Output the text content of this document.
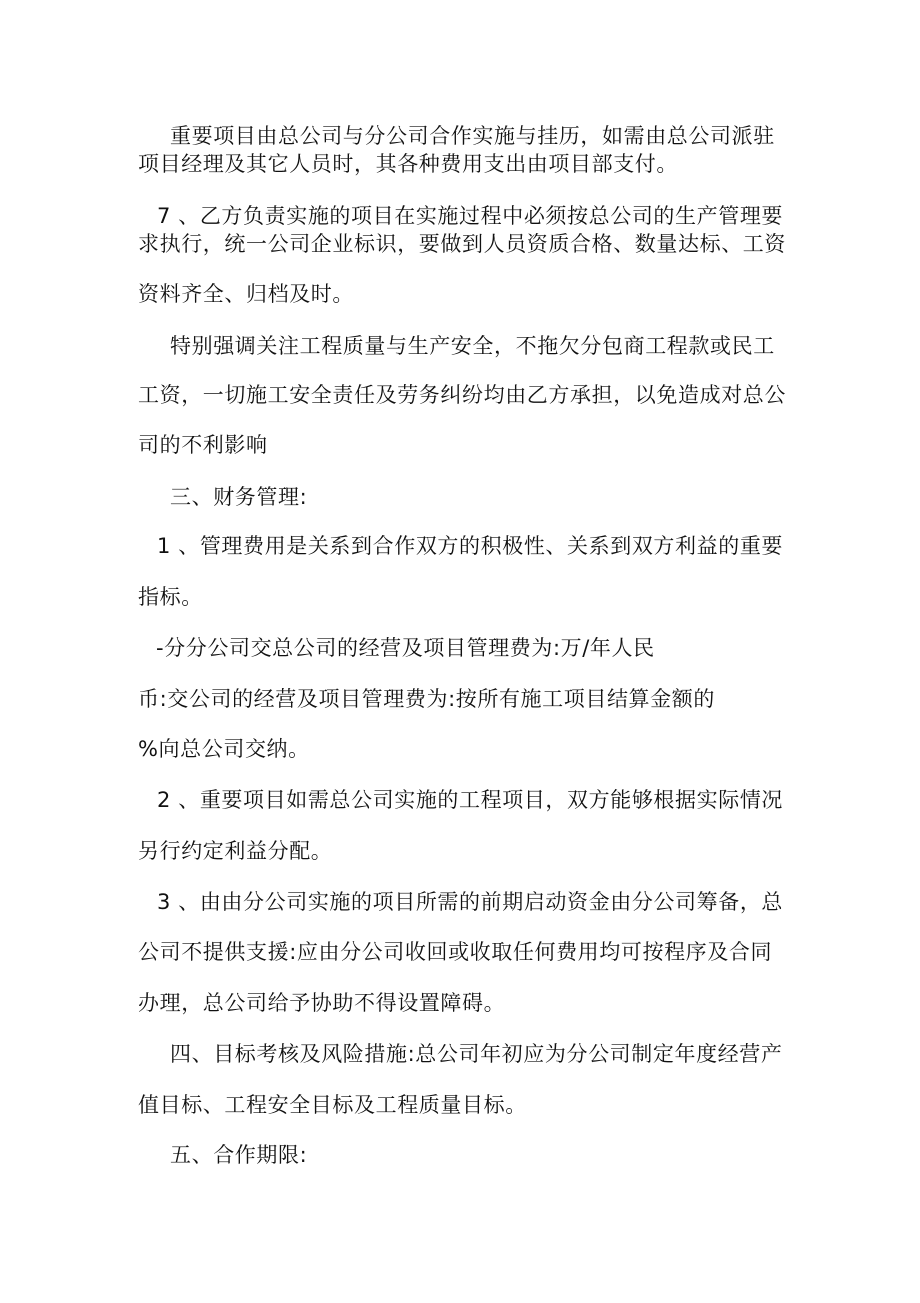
重要项目由总公司与分公司合作实施与挂历，如需由总公司派驻
项目经理及其它人员时，其各种费用支出由项目部支付。
7 、乙方负责实施的项目在实施过程中必须按总公司的生产管理要
求执行，统一公司企业标识，要做到人员资质合格、数量达标、工资
资料齐全、归档及时。
特别强调关注工程质量与生产安全，不拖欠分包商工程款或民工
工资，一切施工安全责任及劳务纠纷均由乙方承担，以免造成对总公
司的不利影响
三、财务管理:
1 、管理费用是关系到合作双方的积极性、关系到双方利益的重要
指标。
-分分公司交总公司的经营及项目管理费为:万/年人民
币:交公司的经营及项目管理费为:按所有施工项目结算金额的
%向总公司交纳。
2 、重要项目如需总公司实施的工程项目，双方能够根据实际情况
另行约定利益分配。
3 、由由分公司实施的项目所需的前期启动资金由分公司筹备，总
公司不提供支援:应由分公司收回或收取任何费用均可按程序及合同
办理，总公司给予协助不得设置障碍。
四、目标考核及风险措施:总公司年初应为分公司制定年度经营产
值目标、工程安全目标及工程质量目标。
五、合作期限:
